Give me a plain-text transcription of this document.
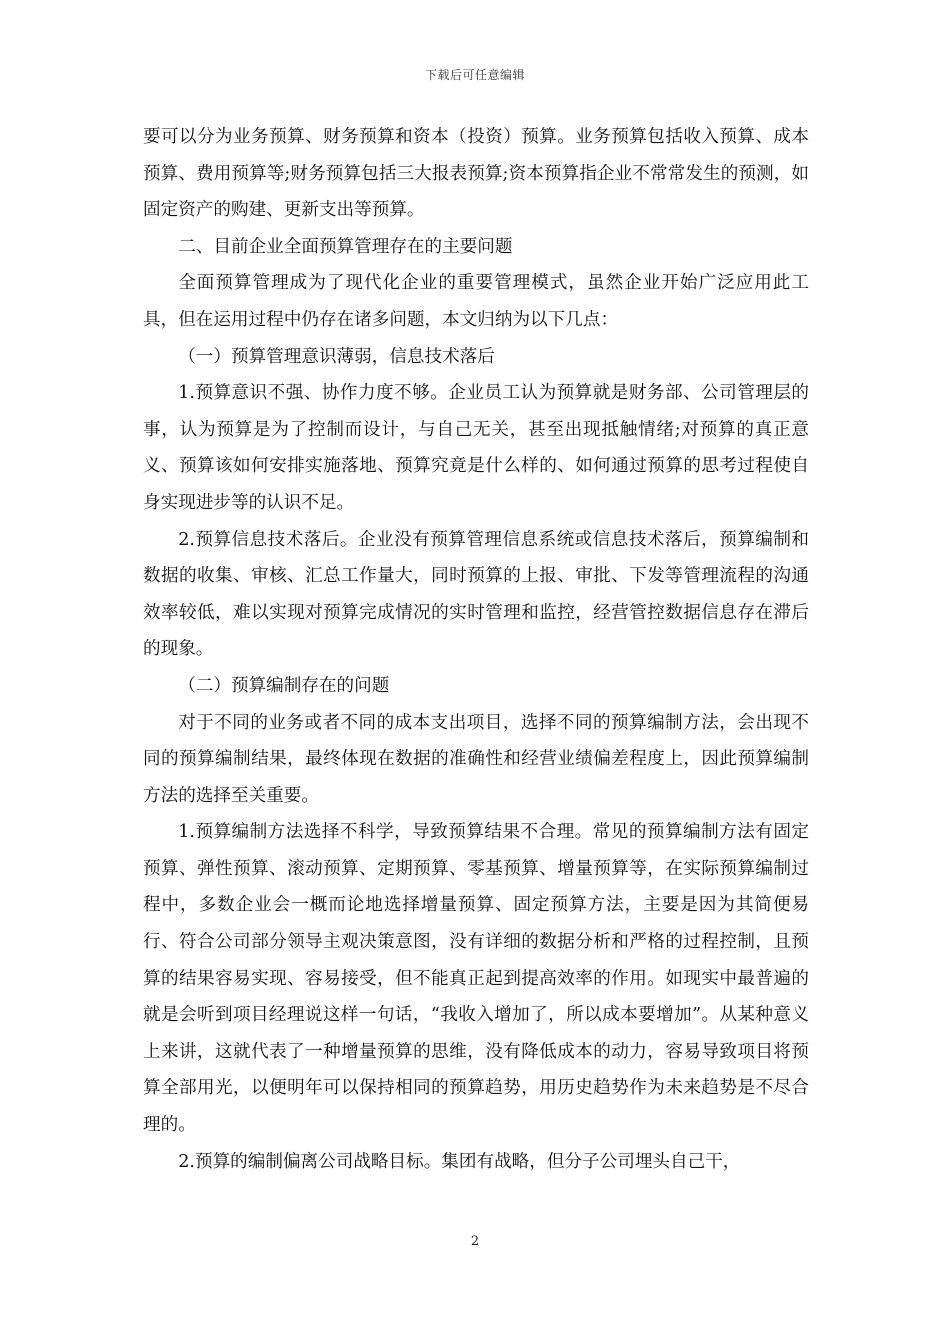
下载后可任意编辑

要可以分为业务预算、财务预算和资本（投资）预算。业务预算包括收入预算、成本预算、费用预算等;财务预算包括三大报表预算;资本预算指企业不常常发生的预测，如固定资产的购建、更新支出等预算。

二、目前企业全面预算管理存在的主要问题

全面预算管理成为了现代化企业的重要管理模式，虽然企业开始广泛应用此工具，但在运用过程中仍存在诸多问题，本文归纳为以下几点：

（一）预算管理意识薄弱，信息技术落后

1.预算意识不强、协作力度不够。企业员工认为预算就是财务部、公司管理层的事，认为预算是为了控制而设计，与自己无关，甚至出现抵触情绪;对预算的真正意义、预算该如何安排实施落地、预算究竟是什么样的、如何通过预算的思考过程使自身实现进步等的认识不足。

2.预算信息技术落后。企业没有预算管理信息系统或信息技术落后，预算编制和数据的收集、审核、汇总工作量大，同时预算的上报、审批、下发等管理流程的沟通效率较低，难以实现对预算完成情况的实时管理和监控，经营管控数据信息存在滞后的现象。

（二）预算编制存在的问题

对于不同的业务或者不同的成本支出项目，选择不同的预算编制方法，会出现不同的预算编制结果，最终体现在数据的准确性和经营业绩偏差程度上，因此预算编制方法的选择至关重要。

1.预算编制方法选择不科学，导致预算结果不合理。常见的预算编制方法有固定预算、弹性预算、滚动预算、定期预算、零基预算、增量预算等，在实际预算编制过程中，多数企业会一概而论地选择增量预算、固定预算方法，主要是因为其简便易行、符合公司部分领导主观决策意图，没有详细的数据分析和严格的过程控制，且预算的结果容易实现、容易接受，但不能真正起到提高效率的作用。如现实中最普遍的就是会听到项目经理说这样一句话，“我收入增加了，所以成本要增加”。从某种意义上来讲，这就代表了一种增量预算的思维，没有降低成本的动力，容易导致项目将预算全部用光，以便明年可以保持相同的预算趋势，用历史趋势作为未来趋势是不尽合理的。

2.预算的编制偏离公司战略目标。集团有战略，但分子公司埋头自己干，

2
